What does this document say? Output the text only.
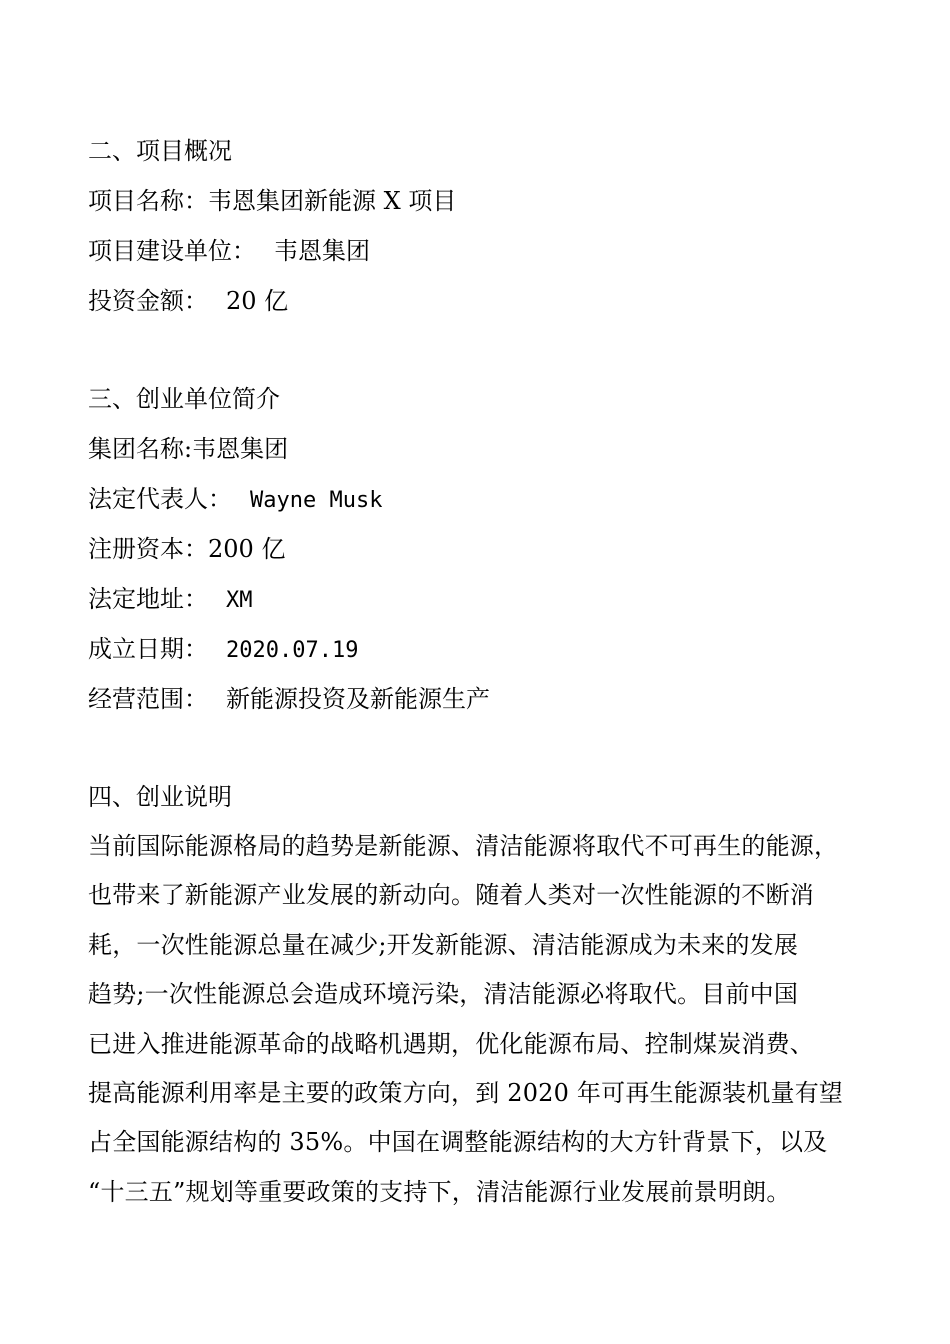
二、项目概况
项目名称：韦恩集团新能源 X 项目
项目建设单位： 韦恩集团
投资金额： 20 亿
三、创业单位简介
集团名称:韦恩集团
法定代表人： Wayne Musk
注册资本：200 亿
法定地址： XM
成立日期： 2020.07.19
经营范围： 新能源投资及新能源生产
四、创业说明
当前国际能源格局的趋势是新能源、清洁能源将取代不可再生的能源，
也带来了新能源产业发展的新动向。随着人类对一次性能源的不断消
耗，一次性能源总量在减少;开发新能源、清洁能源成为未来的发展
趋势;一次性能源总会造成环境污染，清洁能源必将取代。目前中国
已进入推进能源革命的战略机遇期，优化能源布局、控制煤炭消费、
提高能源利用率是主要的政策方向，到 2020 年可再生能源装机量有望
占全国能源结构的 35%。中国在调整能源结构的大方针背景下，以及
“十三五”规划等重要政策的支持下，清洁能源行业发展前景明朗。
